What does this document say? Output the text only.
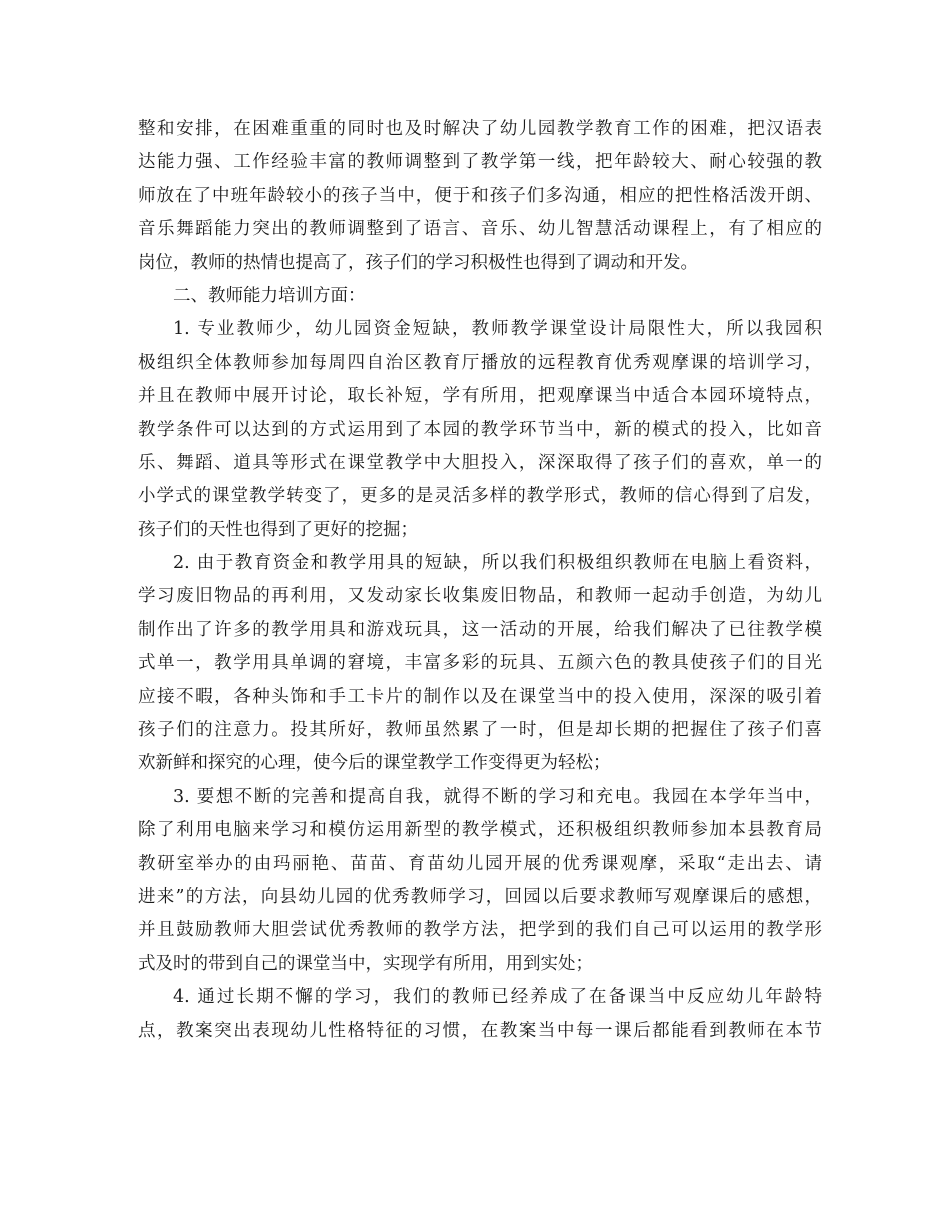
整和安排，在困难重重的同时也及时解决了幼儿园教学教育工作的困难，把汉语表
达能力强、工作经验丰富的教师调整到了教学第一线，把年龄较大、耐心较强的教
师放在了中班年龄较小的孩子当中，便于和孩子们多沟通，相应的把性格活泼开朗、
音乐舞蹈能力突出的教师调整到了语言、音乐、幼儿智慧活动课程上，有了相应的
岗位，教师的热情也提高了，孩子们的学习积极性也得到了调动和开发。
二、教师能力培训方面：
1. 专业教师少，幼儿园资金短缺，教师教学课堂设计局限性大，所以我园积
极组织全体教师参加每周四自治区教育厅播放的远程教育优秀观摩课的培训学习，
并且在教师中展开讨论，取长补短，学有所用，把观摩课当中适合本园环境特点，
教学条件可以达到的方式运用到了本园的教学环节当中，新的模式的投入，比如音
乐、舞蹈、道具等形式在课堂教学中大胆投入，深深取得了孩子们的喜欢，单一的
小学式的课堂教学转变了，更多的是灵活多样的教学形式，教师的信心得到了启发，
孩子们的天性也得到了更好的挖掘；
2. 由于教育资金和教学用具的短缺，所以我们积极组织教师在电脑上看资料，
学习废旧物品的再利用，又发动家长收集废旧物品，和教师一起动手创造，为幼儿
制作出了许多的教学用具和游戏玩具，这一活动的开展，给我们解决了已往教学模
式单一，教学用具单调的窘境，丰富多彩的玩具、五颜六色的教具使孩子们的目光
应接不暇，各种头饰和手工卡片的制作以及在课堂当中的投入使用，深深的吸引着
孩子们的注意力。投其所好，教师虽然累了一时，但是却长期的把握住了孩子们喜
欢新鲜和探究的心理，使今后的课堂教学工作变得更为轻松；
3. 要想不断的完善和提高自我，就得不断的学习和充电。我园在本学年当中，
除了利用电脑来学习和模仿运用新型的教学模式，还积极组织教师参加本县教育局
教研室举办的由玛丽艳、苗苗、育苗幼儿园开展的优秀课观摩，采取“走出去、请
进来”的方法，向县幼儿园的优秀教师学习，回园以后要求教师写观摩课后的感想，
并且鼓励教师大胆尝试优秀教师的教学方法，把学到的我们自己可以运用的教学形
式及时的带到自己的课堂当中，实现学有所用，用到实处；
4. 通过长期不懈的学习，我们的教师已经养成了在备课当中反应幼儿年龄特
点，教案突出表现幼儿性格特征的习惯，在教案当中每一课后都能看到教师在本节
